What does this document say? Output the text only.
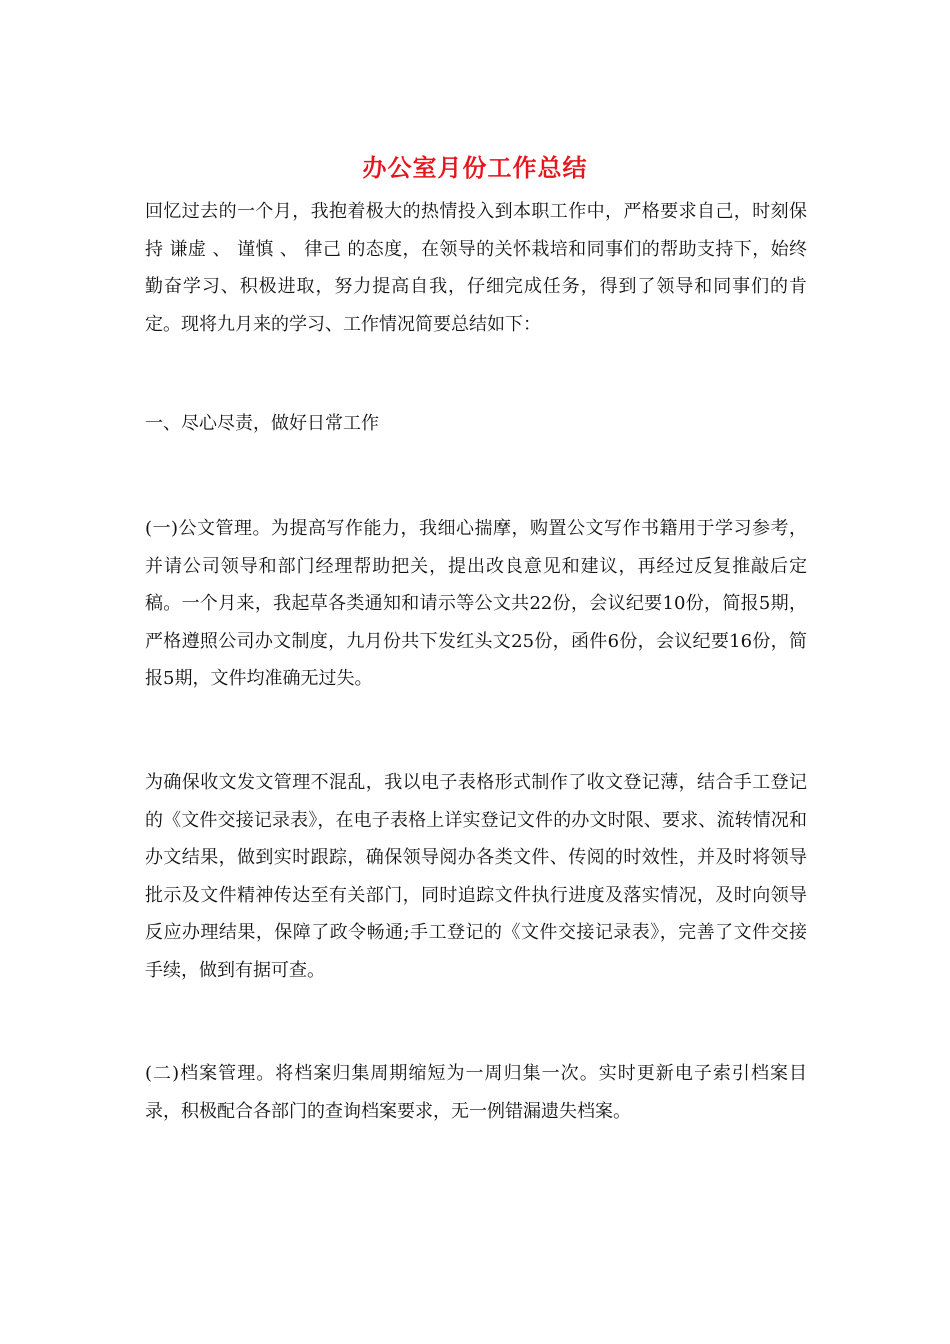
办公室月份工作总结

回忆过去的一个月，我抱着极大的热情投入到本职工作中，严格要求自己，时刻保持 谦虚 、 谨慎 、 律己 的态度，在领导的关怀栽培和同事们的帮助支持下，始终勤奋学习、积极进取，努力提高自我，仔细完成任务，得到了领导和同事们的肯定。现将九月来的学习、工作情况简要总结如下：

一、尽心尽责，做好日常工作

(一)公文管理。为提高写作能力，我细心揣摩，购置公文写作书籍用于学习参考，并请公司领导和部门经理帮助把关，提出改良意见和建议，再经过反复推敲后定稿。一个月来，我起草各类通知和请示等公文共22份，会议纪要10份，简报5期，严格遵照公司办文制度，九月份共下发红头文25份，函件6份，会议纪要16份，简报5期，文件均准确无过失。

为确保收文发文管理不混乱，我以电子表格形式制作了收文登记薄，结合手工登记的《文件交接记录表》，在电子表格上详实登记文件的办文时限、要求、流转情况和办文结果，做到实时跟踪，确保领导阅办各类文件、传阅的时效性，并及时将领导批示及文件精神传达至有关部门，同时追踪文件执行进度及落实情况，及时向领导反应办理结果，保障了政令畅通;手工登记的《文件交接记录表》，完善了文件交接手续，做到有据可查。

(二)档案管理。将档案归集周期缩短为一周归集一次。实时更新电子索引档案目录，积极配合各部门的查询档案要求，无一例错漏遗失档案。
